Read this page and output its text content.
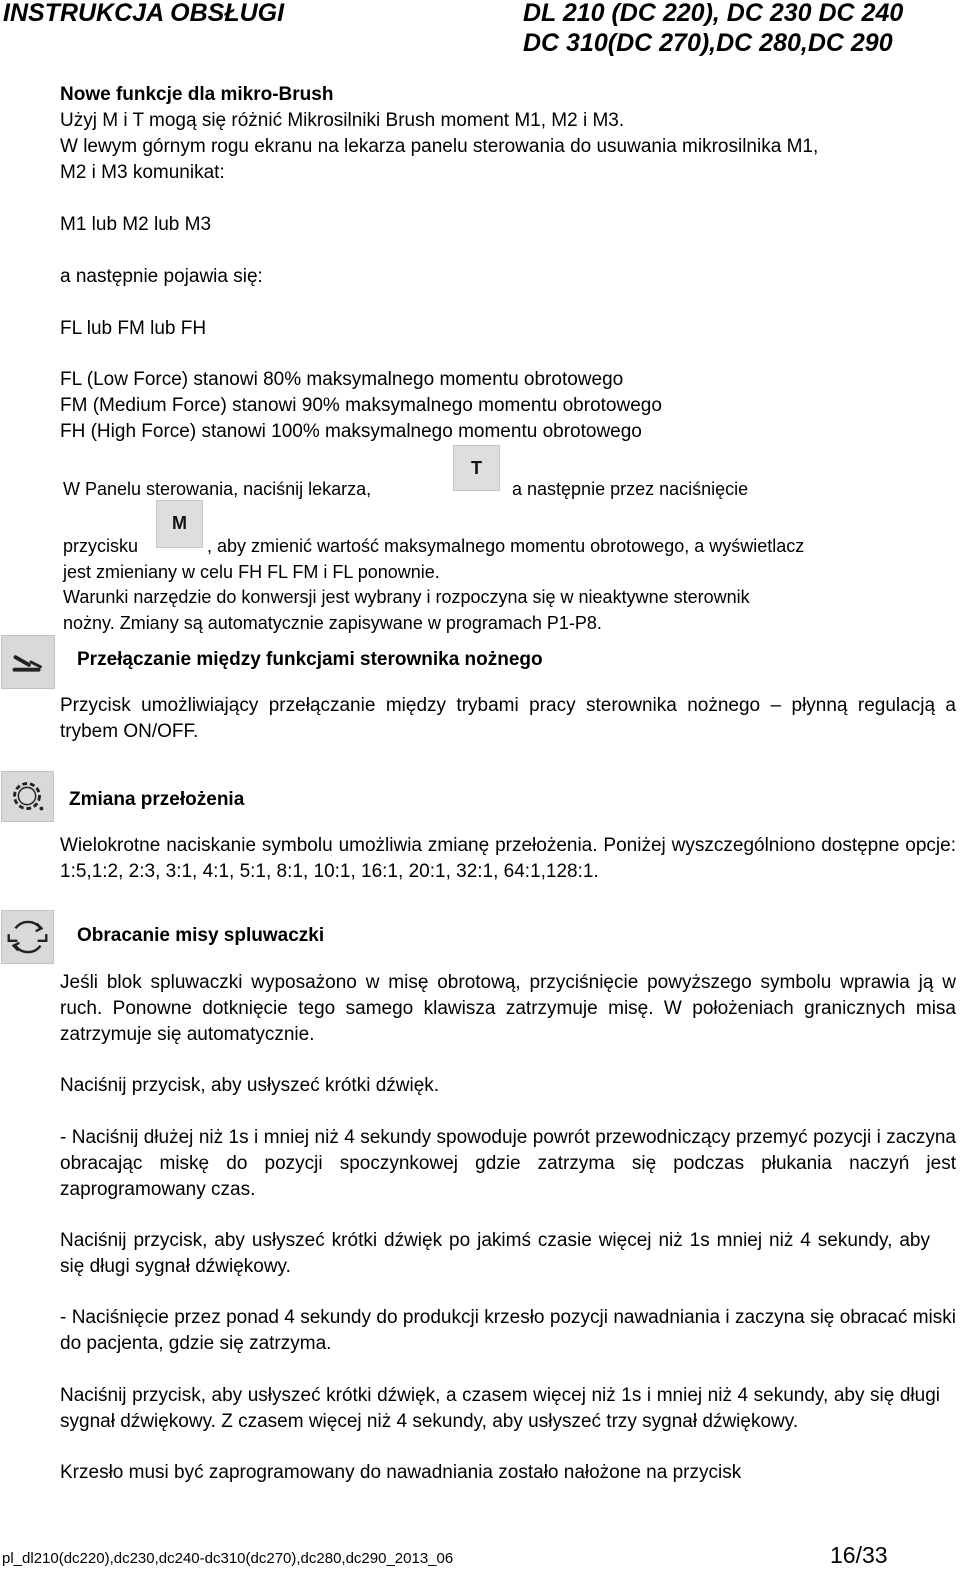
INSTRUKCJA OBSŁUGI	DL 210 (DC 220), DC 230 DC 240
DC 310(DC 270),DC 280,DC 290
Nowe funkcje dla mikro-Brush
Użyj M i T mogą się różnić Mikrosilniki Brush moment M1, M2 i M3.
W lewym górnym rogu ekranu na lekarza panelu sterowania do usuwania mikrosilnika M1,
M2 i M3 komunikat:
M1 lub M2 lub M3
a następnie pojawia się:
FL lub FM lub FH
FL (Low Force) stanowi 80% maksymalnego momentu obrotowego
FM (Medium Force) stanowi 90% maksymalnego momentu obrotowego
FH (High Force) stanowi 100% maksymalnego momentu obrotowego
W Panelu sterowania, naciśnij lekarza,
T
a następnie przez naciśnięcie
przycisku
M
, aby zmienić wartość maksymalnego momentu obrotowego, a wyświetlacz
jest zmieniany w celu FH FL FM i FL ponownie.
Warunki narzędzie do konwersji jest wybrany i rozpoczyna się w nieaktywne sterownik
nożny. Zmiany są automatycznie zapisywane w programach P1-P8.
Przełączanie między funkcjami sterownika nożnego
Przycisk umożliwiający przełączanie między trybami pracy sterownika nożnego – płynną regulacją a trybem ON/OFF.
Zmiana przełożenia
Wielokrotne naciskanie symbolu umożliwia zmianę przełożenia. Poniżej wyszczególniono dostępne opcje: 1:5,1:2, 2:3, 3:1, 4:1, 5:1, 8:1, 10:1, 16:1, 20:1, 32:1, 64:1,128:1.
Obracanie misy spluwaczki
Jeśli blok spluwaczki wyposażono w misę obrotową, przyciśnięcie powyższego symbolu wprawia ją w ruch. Ponowne dotknięcie tego samego klawisza zatrzymuje misę. W położeniach granicznych misa zatrzymuje się automatycznie.
Naciśnij przycisk, aby usłyszeć krótki dźwięk.
- Naciśnij dłużej niż 1s i mniej niż 4 sekundy spowoduje powrót przewodniczący przemyć pozycji i zaczyna obracając miskę do pozycji spoczynkowej gdzie zatrzyma się podczas płukania naczyń jest zaprogramowany czas.
Naciśnij przycisk, aby usłyszeć krótki dźwięk po jakimś czasie więcej niż 1s mniej niż 4 sekundy, aby się długi sygnał dźwiękowy.
- Naciśnięcie przez ponad 4 sekundy do produkcji krzesło pozycji nawadniania i zaczyna się obracać miski do pacjenta, gdzie się zatrzyma.
Naciśnij przycisk, aby usłyszeć krótki dźwięk, a czasem więcej niż 1s i mniej niż 4 sekundy, aby się długi sygnał dźwiękowy. Z czasem więcej niż 4 sekundy, aby usłyszeć trzy sygnał dźwiękowy.
Krzesło musi być zaprogramowany do nawadniania zostało nałożone na przycisk
pl_dl210(dc220),dc230,dc240-dc310(dc270),dc280,dc290_2013_06	16/33
